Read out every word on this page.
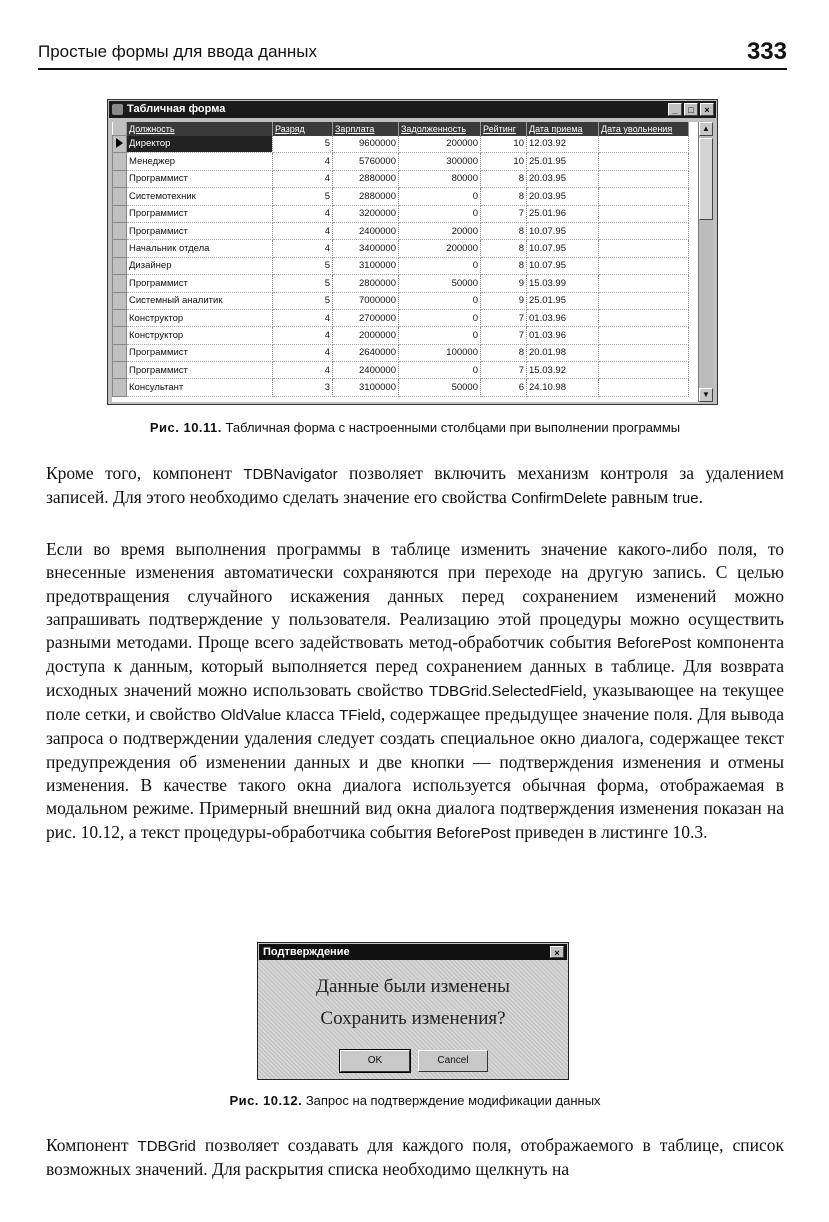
Простые формы для ввода данных	333
Табличная форма	_	□	×
	Должность	Разряд	Зарплата	Задолженность	Рейтинг	Дата приема	Дата увольнения
	Директор	5	9600000	200000	10	12.03.92	
	Менеджер	4	5760000	300000	10	25.01.95	
	Программист	4	2880000	80000	8	20.03.95	
	Системотехник	5	2880000	0	8	20.03.95	
	Программист	4	3200000	0	7	25.01.96	
	Программист	4	2400000	20000	8	10.07.95	
	Начальник отдела	4	3400000	200000	8	10.07.95	
	Дизайнер	5	3100000	0	8	10.07.95	
	Программист	5	2800000	50000	9	15.03.99	
	Системный аналитик	5	7000000	0	9	25.01.95	
	Конструктор	4	2700000	0	7	01.03.96	
	Конструктор	4	2000000	0	7	01.03.96	
	Программист	4	2640000	100000	8	20.01.98	
	Программист	4	2400000	0	7	15.03.92	
	Консультант	3	3100000	50000	6	24.10.98	
▲
▼
Рис. 10.11. Табличная форма с настроенными столбцами при выполнении программы

Кроме того, компонент TDBNavigator позволяет включить механизм контроля за удалением записей. Для этого необходимо сделать значение его свойства ConfirmDelete равным true.

Если во время выполнения программы в таблице изменить значение какого-либо поля, то внесенные изменения автоматически сохраняются при переходе на другую запись. С целью предотвращения случайного искажения данных перед сохранением изменений можно запрашивать подтверждение у пользователя. Реализацию этой процедуры можно осуществить разными методами. Проще всего задействовать метод-обработчик события BeforePost компонента доступа к данным, который выполняется перед сохранением данных в таблице. Для возврата исходных значений можно использовать свойство TDBGrid.SelectedField, указывающее на текущее поле сетки, и свойство OldValue класса TField, содержащее предыдущее значение поля. Для вывода запроса о подтверждении удаления следует создать специальное окно диалога, содержащее текст предупреждения об изменении данных и две кнопки — подтверждения изменения и отмены изменения. В качестве такого окна диалога используется обычная форма, отображаемая в модальном режиме. Примерный внешний вид окна диалога подтверждения изменения показан на рис. 10.12, а текст процедуры-обработчика события BeforePost приведен в листинге 10.3.

Подтверждение	×
Данные были изменены
Сохранить изменения?
OK	Cancel
Рис. 10.12. Запрос на подтверждение модификации данных

Компонент TDBGrid позволяет создавать для каждого поля, отображаемого в таблице, список возможных значений. Для раскрытия списка необходимо щелкнуть на
